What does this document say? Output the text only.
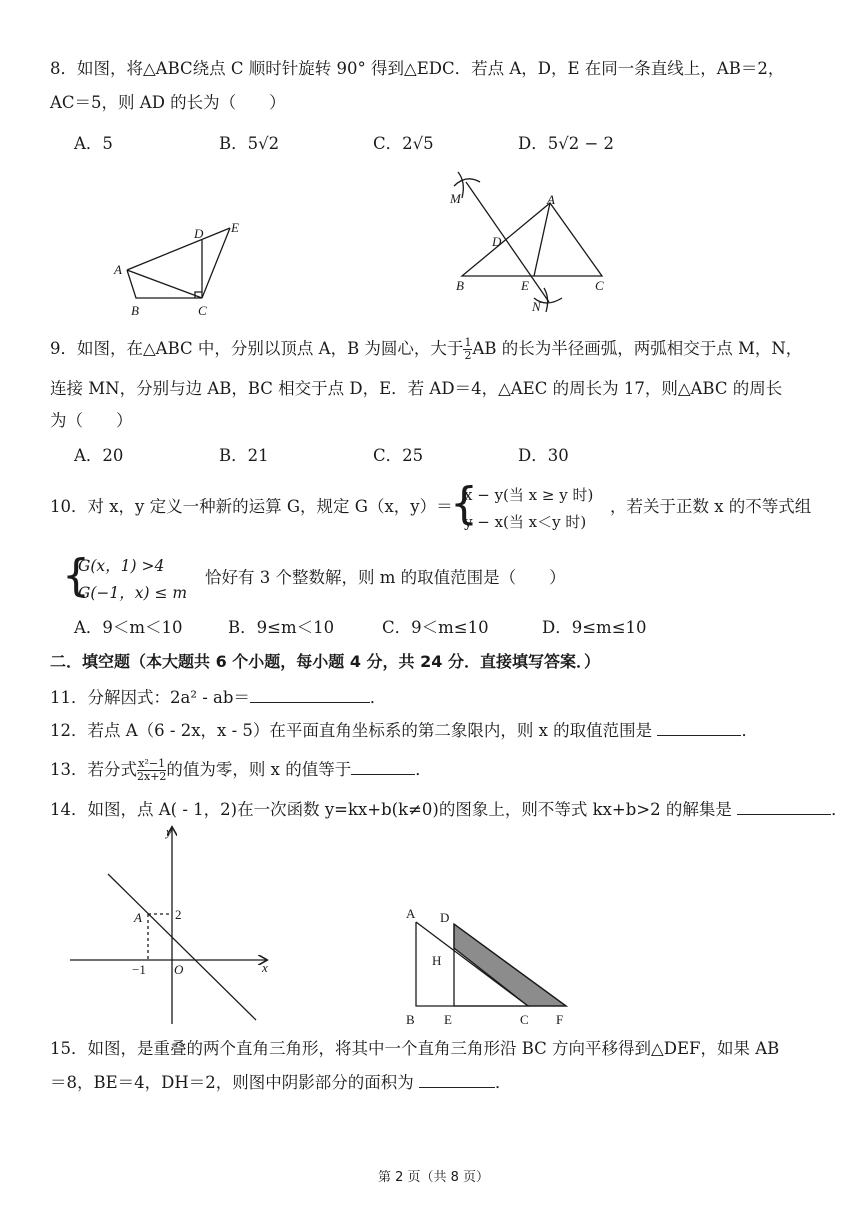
8．如图，将△ABC绕点 C 顺时针旋转 90° 得到△EDC．若点 A，D，E 在同一条直线上，AB＝2，
AC＝5，则 AD 的长为（　　）
A．5	B．5√2	C．2√5	D．5√2 − 2
A
B	C
D E
M
N
A
B	C
D
E
9．如图，在△ABC 中，分别以顶点 A，B 为圆心，大于 $\frac{1}{2}$ AB 的长为半径画弧，两弧相交于点 M，N，
连接 MN，分别与边 AB，BC 相交于点 D，E．若 AD＝4，△AEC 的周长为 17，则△ABC 的周长
为（　　）
A．20	B．21	C．25	D．30
10．对 x，y 定义一种新的运算 G，规定 G（x，y）＝
{
x − y(当 x ≥ y 时)
y − x(当 x＜y 时)
，若关于正数 x 的不等式组
{
G(x，1) >4
G(−1，x) ≤ m
恰好有 3 个整数解，则 m 的取值范围是（　　）
A．9＜m＜10	B．9≤m＜10	C．9＜m≤10	D．9≤m≤10
二．填空题（本大题共 6 个小题，每小题 4 分，共 24 分．直接填写答案．）
11．分解因式：2a² - ab＝	．
12．若点 A（6 - 2x，x - 5）在平面直角坐标系的第二象限内，则 x 的取值范围是	．
13．若分式 $\frac{\text{x²−1}}{2x+2}$ 的值为零，则 x 的值等于	．
14．如图，点 A( - 1，2)在一次函数 y=kx+b(k≠0)的图象上，则不等式 kx+b>2 的解集是	．
y
x
A	2
−1 O
A D
H
B E	C F
15．如图，是重叠的两个直角三角形，将其中一个直角三角形沿 BC 方向平移得到△DEF，如果 AB
＝8，BE＝4，DH＝2，则图中阴影部分的面积为	．
第 2 页（共 8 页）
